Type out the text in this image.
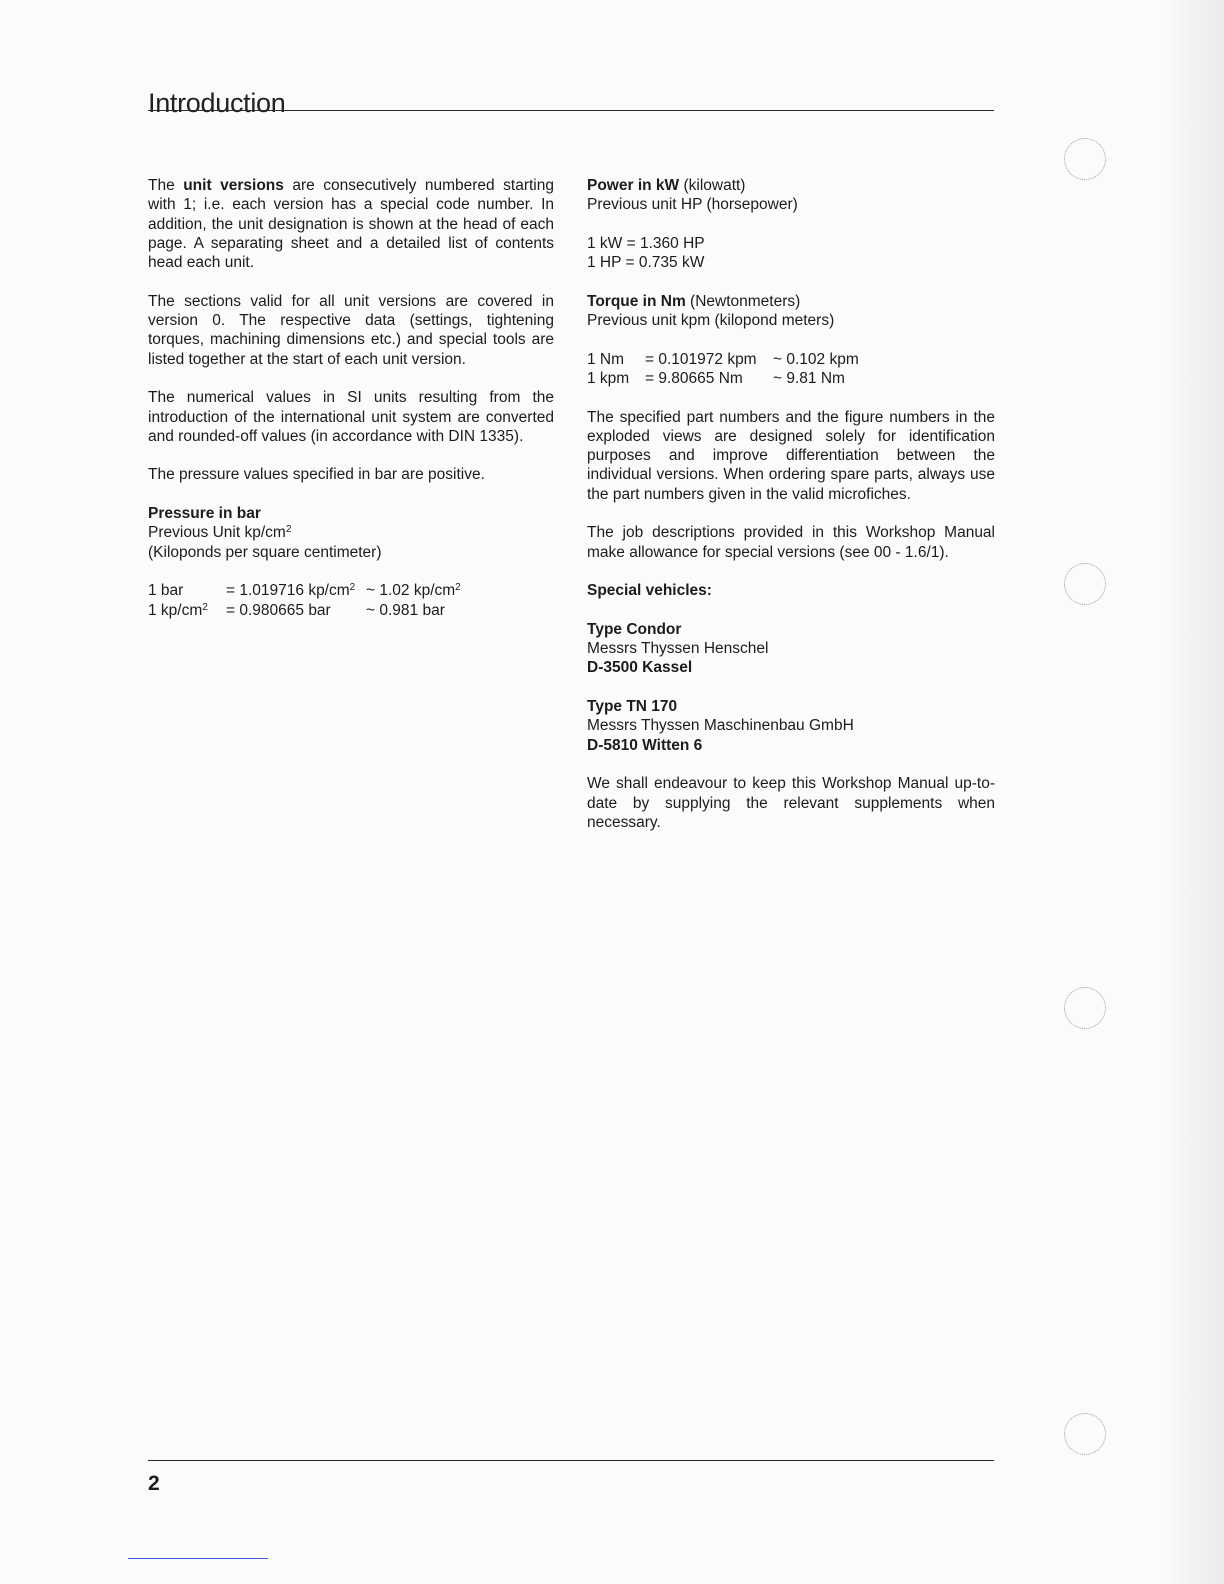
Introduction

The unit versions are consecutively numbered starting with 1; i.e. each version has a special code number. In addition, the unit designation is shown at the head of each page. A separating sheet and a detailed list of contents head each unit.

The sections valid for all unit versions are covered in version 0. The respective data (settings, tightening torques, machining dimensions etc.) and special tools are listed together at the start of each unit version.

The numerical values in SI units resulting from the introduction of the international unit system are converted and rounded-off values (in accordance with DIN 1335).

The pressure values specified in bar are positive.

Pressure in bar
Previous Unit $kp/cm^2$
(Kiloponds per square centimeter)
1 bar	= 1.019716 $kp/cm^2$ ~ 1.02 $kp/cm^2$
1 $kp/cm^2$	= 0.980665 bar	~ 0.981 bar
Power in kW (kilowatt)
Previous unit HP (horsepower)
1 kW = 1.360 HP
1 HP = 0.735 kW
Torque in Nm (Newtonmeters)
Previous unit kpm (kilopond meters)
1 Nm	= 0.101972 kpm	~ 0.102 kpm
1 kpm	= 9.80665 Nm	~ 9.81 Nm

The specified part numbers and the figure numbers in the exploded views are designed solely for identification purposes and improve differentiation between the individual versions. When ordering spare parts, always use the part numbers given in the valid microfiches.

The job descriptions provided in this Workshop Manual make allowance for special versions (see 00 - 1.6/1).

Special vehicles:

Type Condor
Messrs Thyssen Henschel
D-3500 Kassel
Type TN 170
Messrs Thyssen Maschinenbau GmbH
D-5810 Witten 6

We shall endeavour to keep this Workshop Manual up-to-date by supplying the relevant supplements when necessary.

2
